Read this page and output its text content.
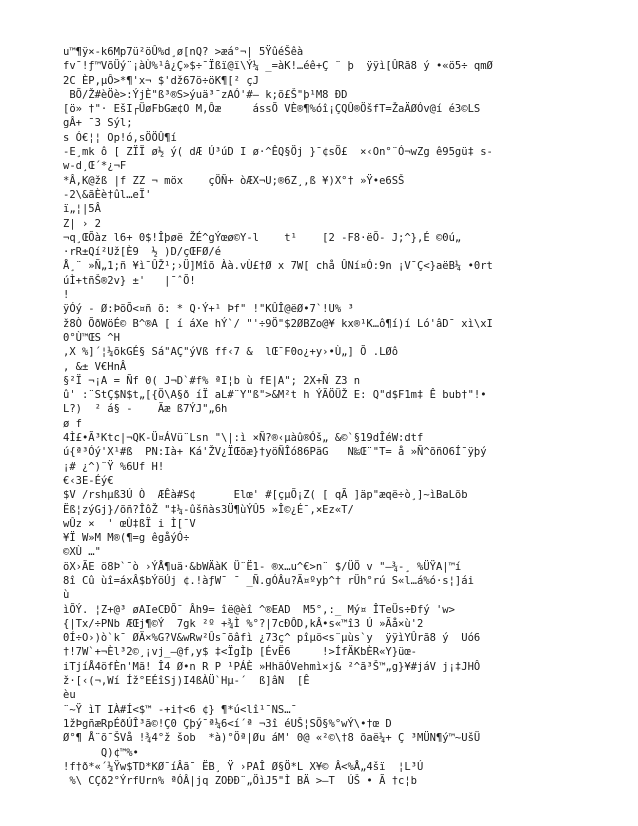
u™¶ÿ×-k6Mp7ü²öÛ%d¸ø[nQ? >æá°¬| 5ŸûéŠêà
fv¯!ƒ™VõÜý¨¡àÙ%¹â¿Ç»$÷¯Ïßï@ï\Ý¼ _=àK!…éê+Ç ¨ þ  ÿÿì[ÛRã8 ý •«ö5÷ qmØ
2C ÈP,µÔ>*¶'x¬ $'dž67ö÷öK¶[² çJ
BÕ/Ž#èÖè>:ÝjÈ"ß³®S>ýuä³¯zAÓ'#— k;õ£Š"þ¹M8 ÐD
[ö» †"· EšI┌ÜøFbGæ¢O M,Ôæ     ássÕ VÈ®¶%óî¡ÇQÛ®ÖšfT=ŽaÄØÓv@í é3©LS
gÂ+ ¯3 Sýl;
s Ó€¦¦ Op!ó,sÖÖÛ¶í
-E¸mk ô [ ZÏÏ ø½ ý( dÆ Ú³úD I ø·^ÊQ§Öj }¯¢sÖ£  ×‹On°¨Ó¬wZg ê95gü‡ s-
w-d¸Œ´*¿¬F
*Â,K@žß |f ZZ ¬ möx    çÖÑ+ òÆX¬U;®6Z¸,ß ¥)X°† »Ÿ•e6SŠ
-2\&ãÈè†ûl…eÏ'
ï„¦|5Â
Z| › 2
¬q¸ŒÕàz l6+ 0$!Îþøë ŽÉ^gÝœø©Y-l    t¹    [2 -F8·ëÕ- J;^},É ©0ú„
·rR±Qí²Už[È9  ½ )D/çŒFØ/é
Å¸¨ »Ñ„1;ñ ¥ì¯ÛŽ¹;›Ü]Mîõ Àà.vÙ£†Ø x 7W[ chå ÛNí¤Ó:9n ¡V¯Ç<}aëB¼ •0rt
úÌ+tñŠ®2v} ±'   |¯ˆÕ!
!
ÿÓý - Ø:ÞõÕ<¤ñ õ: * Q·Ý+¹ Þf" !"KÛÎ@ëØ•7`!U% ³
ž8Ò ÕðWöÉ© B^®A [ í áXe hÝ`/ "'÷9Ö"$2ØBZo@¥ kx®¹K…ô¶í)í Ló'âD¯ xì\xI
0°Ù™ŒS ^H
,X %]´¦¼õkGÉ§ Sá"AÇ"ýVß ff‹7 &  lŒ¯F0o¿+y›•Ù„] Õ .LØô
, &± V€HnÂ
§²Ï ¬¡A = Ñf 0( J¬D`#f% ªI¦b ù fE|A"; 2X+Ñ Z3 n
û' :¨StÇ$N$t„[{Ö\A§ð íÏ aL#¨Y"ß">&M²t h ÝÃÖÜŽ E: Q"d$F1m‡ Ê bub†"!•
L?)  ² á§ -    Ãæ ß7ÝJ"„6h
ø f
4Ì£•Ã³Ktc|¬QK-Ü¤ÁVü¨Lsn "\|:ì ×Ñ?®‹µàû®Óš„ &©`§19dÎéW:dtf
ú{ª³Óý'X¹#ß  PN:Ià+ Ká'ŽV¿ÏŒõæ}†yöÑÎó86PäG   N‰Œ¨"T= å »Ñ^õñO6Í¯ÿþý
¡# ¿^)¨Ÿ %6Uf H!
€‹3E-Éý€
$V /rshµß3Ú Ò  ÆÊà#S¢      Elœ' #[çµÕ¡Z( [ qÃ ]äp"æqë÷ò¸]~ìBaLõb
Ëß¦zýGj}/õñ?ÎôŽ "‡¼-ûšñàs3Ü¶ùÝÛ5 »Î©¿É¯,×Ez«T/
wÛz ×  ' œÙ‡ßÏ i Ì[¯V
¥Ï W»M M®(¶=g êgåýÓ÷
©XÙ …"
öX›ÃE ö8Þ`¯ò ›ÝÅ¶uä·&bWÄàK Ü¨Ë1- ®x…u^€>n¨ $/ÜÖ v "—¾-¸ %ÜŸA|™í
8î Cû ùî=áxÂ$bÝöÚj ¢.!àƒW¯ ¯ _Ñ.gÓÂu?Ã¤ºyþ^† rÜh°rú S«l…á%ó·s¦]ái
ù
ìÕÝ. ¦Z+@³ øAIeCÐÕ¯ Âh9= îë@èî ^®EAD  M5°,:_ Mý¤ ÎTeÜs÷Ðfý 'w>
{|Tx/÷PNb ÆŒj¶©Ý  7gk ²º +¾Ì %°?|7cÐÔD,kÂ•s«™î3 Ú »Ãå×ù'2
0Í÷O›)ò`k¯ ØÄ×%G?V&wRw²Ûs¯õâfì ¿73ç^ pîµö<s¨µùs`y  ÿÿìYÛrã8 ý  Uó6
†!7W`+¬Èl³2©¸¡vj_—@f,y$ ‡<ÏgÌþ [ÉvË6     !>ÍfÄKbÈR«Y}üœ-
iTjíÅ4öfÈn'Mã! Î4 Ø•n R P ¹PÁÈ »HhãÓVehmì×j& ²^ã³Š™„g}¥#jáV j¡‡JHÔ
ž·[‹(¬,Wí Íž°EÉîSj)I4ßÀÜ`Hµ-´  ß]âN  [Ê
èu
¨~Ÿ ìT IÀ#Í<$™ -+i†<6 ¢} ¶*ú<lî¹¯NS…¯
1žÞgñæRpÉðÚÎ³ã©!Ç0 Çþý¯ª¼6<í´ª ¬3î éUŠ¦SÖ§%°wÝ\•†œ D
Ø°¶ Å¨õ¯ŠVå !¾4°ž šob  *à)°Öª|Øu áM' 0@ «²©\†8 õaë¼+ Ç ³MÜN¶ý™~UšÜ
Q)¢™%•
!f†ð*«´¼Ÿw$TD*KØ¯íÂã¯ ËB¸ Ÿ ›PAÎ Ø§Ö*L X¥© Â<%Å„4šï  ¦L³Ú
%\ CÇð2°ÝrfUrn% ªÓÂ|jq ZOÐÐ¨„ÖìJ5"Ì BÄ >—T  ÚŠ • Ã †c¦b
